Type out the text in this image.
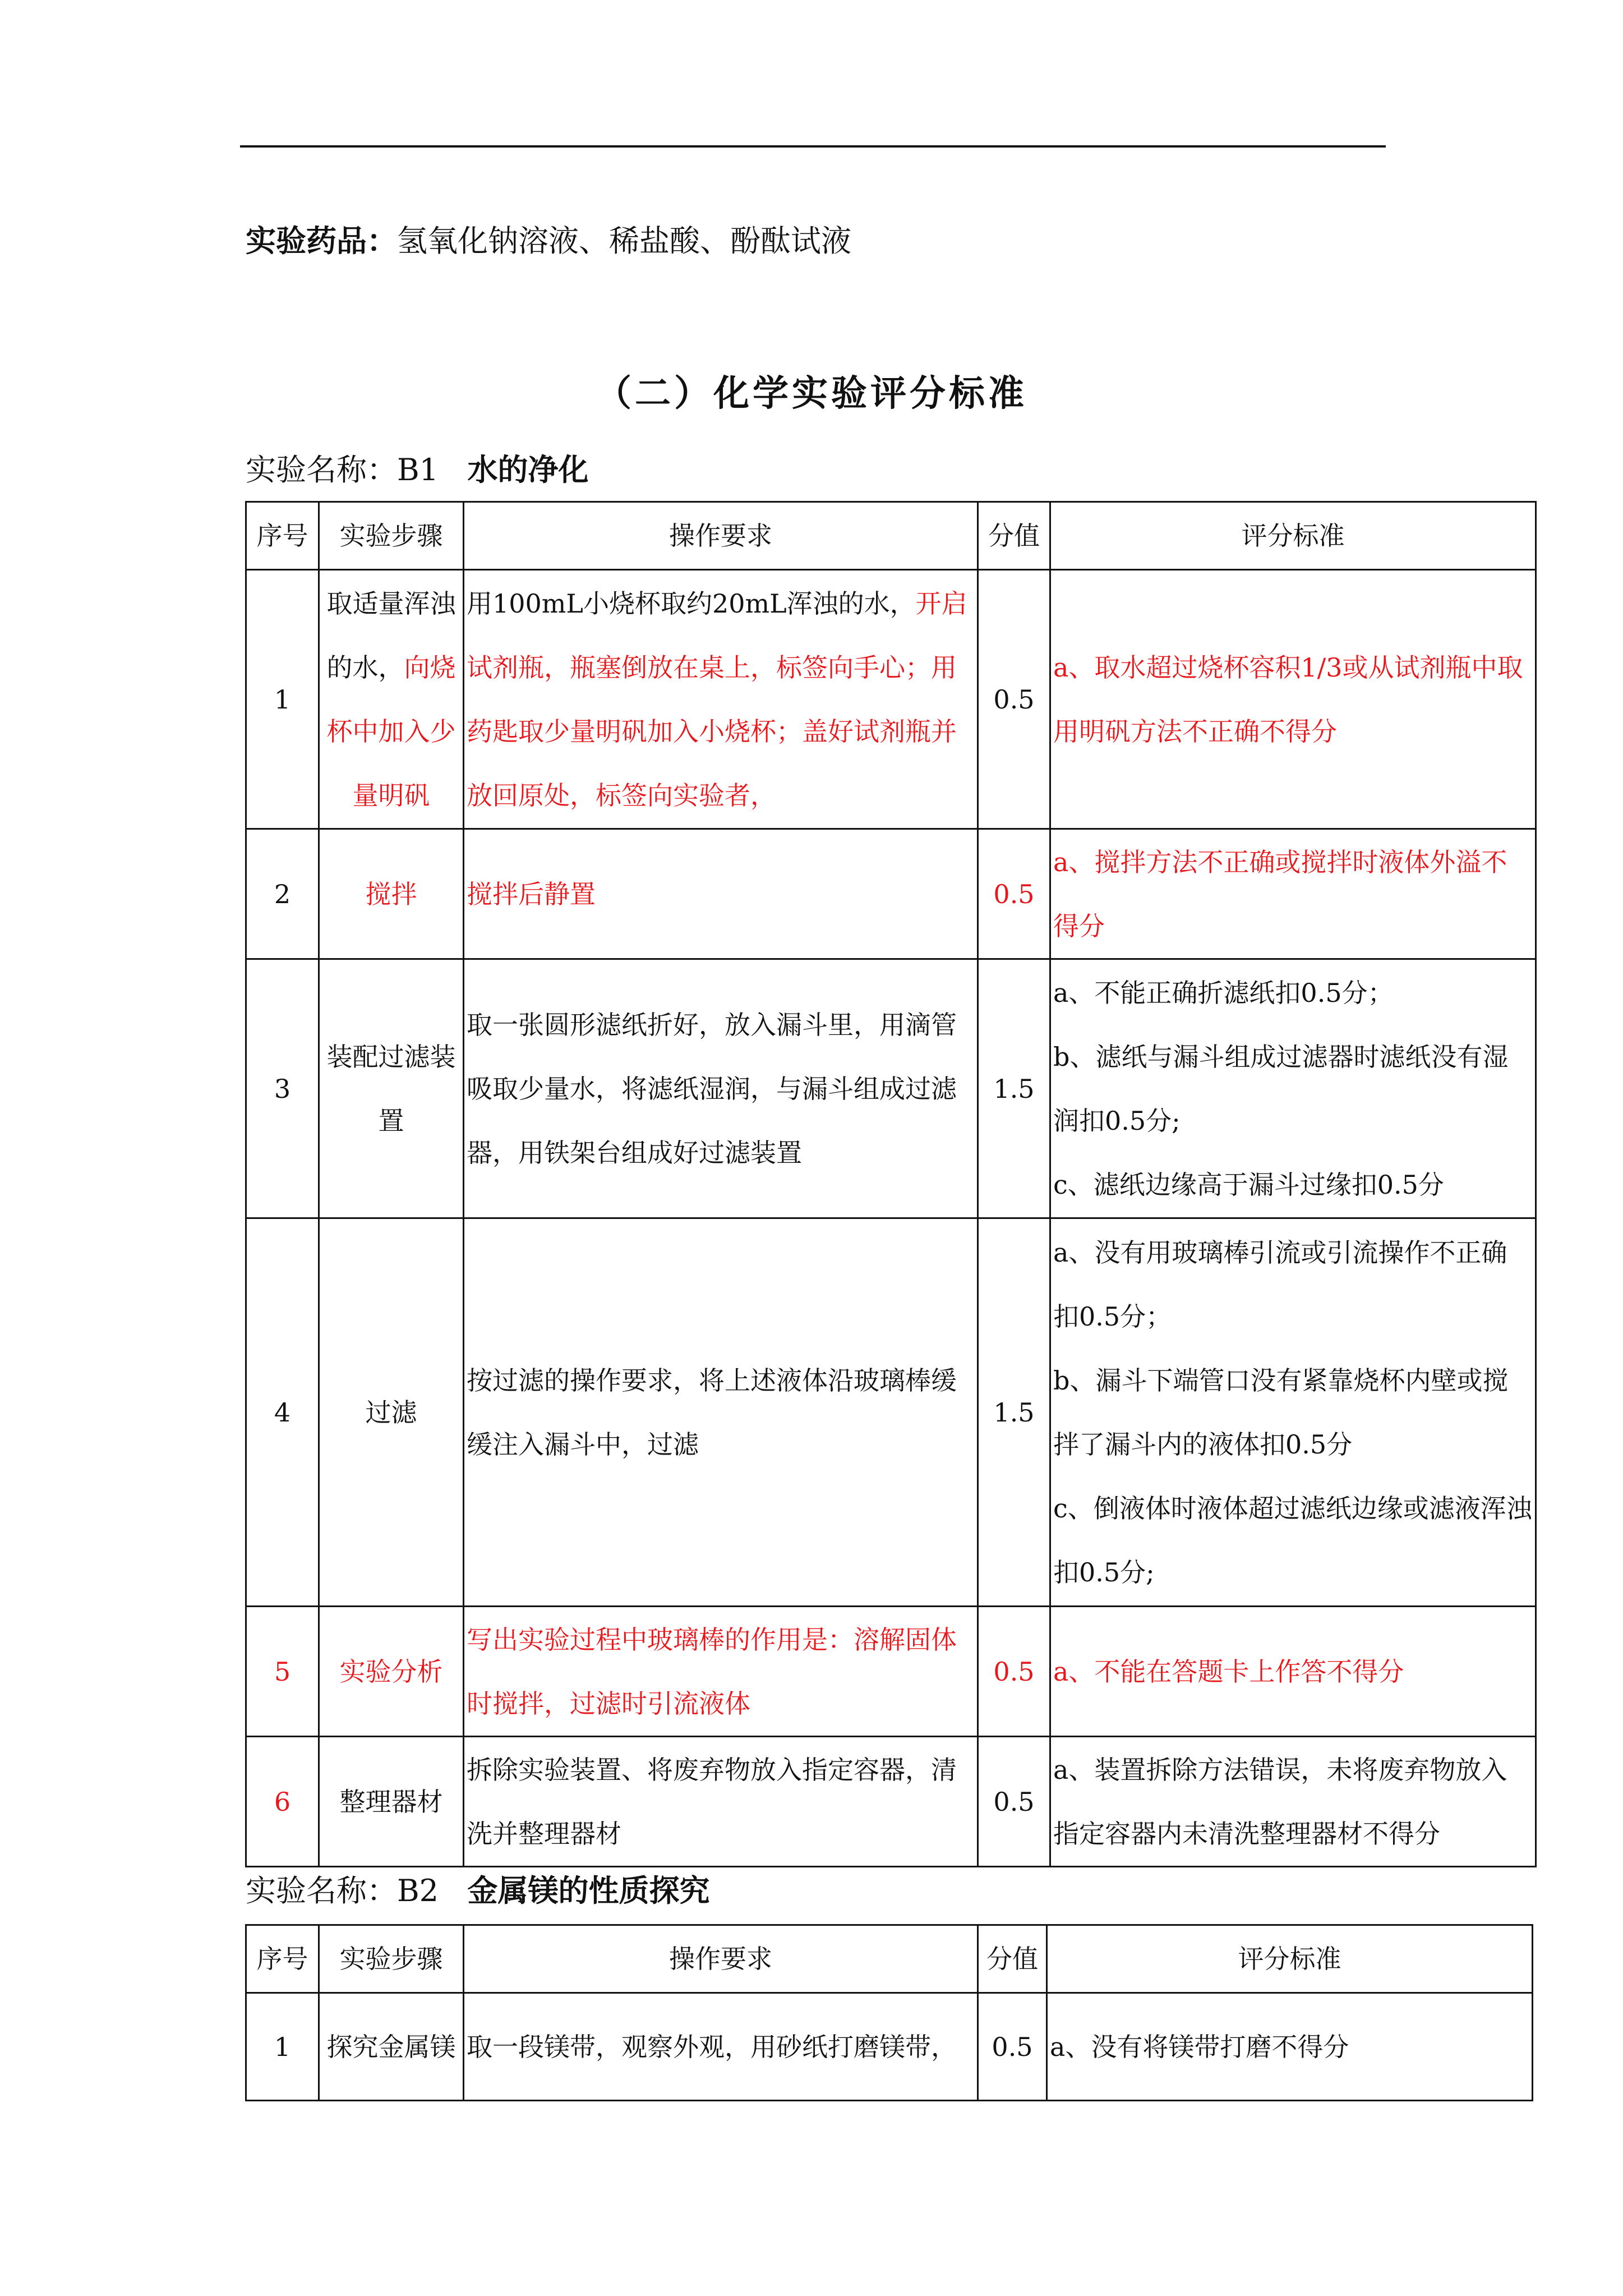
实验药品：氢氧化钠溶液、稀盐酸、酚酞试液
（二）化学实验评分标准
实验名称：B1 水的净化
序号	实验步骤	操作要求	分值	评分标准
1	取适量浑浊的水，向烧杯中加入少量明矾	用100mL小烧杯取约20mL浑浊的水，开启试剂瓶，瓶塞倒放在桌上，标签向手心；用药匙取少量明矾加入小烧杯；盖好试剂瓶并放回原处，标签向实验者，	0.5	a、取水超过烧杯容积1/3或从试剂瓶中取用明矾方法不正确不得分
2	搅拌	搅拌后静置	0.5	a、搅拌方法不正确或搅拌时液体外溢不得分
3	装配过滤装置	取一张圆形滤纸折好，放入漏斗里，用滴管吸取少量水，将滤纸湿润，与漏斗组成过滤器，用铁架台组成好过滤装置	1.5	a、不能正确折滤纸扣0.5分；
b、滤纸与漏斗组成过滤器时滤纸没有湿润扣0.5分;
c、滤纸边缘高于漏斗过缘扣0.5分

4	过滤	按过滤的操作要求，将上述液体沿玻璃棒缓缓注入漏斗中，过滤	1.5	a、没有用玻璃棒引流或引流操作不正确扣0.5分；
b、漏斗下端管口没有紧靠烧杯内壁或搅拌了漏斗内的液体扣0.5分
c、倒液体时液体超过滤纸边缘或滤液浑浊扣0.5分;

5	实验分析	写出实验过程中玻璃棒的作用是：溶解固体时搅拌，过滤时引流液体	0.5	a、不能在答题卡上作答不得分
6	整理器材	拆除实验装置、将废弃物放入指定容器，清洗并整理器材	0.5	a、装置拆除方法错误，未将废弃物放入指定容器内未清洗整理器材不得分
实验名称：B2 金属镁的性质探究
序号	实验步骤	操作要求	分值	评分标准
1	探究金属镁	取一段镁带，观察外观，用砂纸打磨镁带，	0.5	a、没有将镁带打磨不得分
